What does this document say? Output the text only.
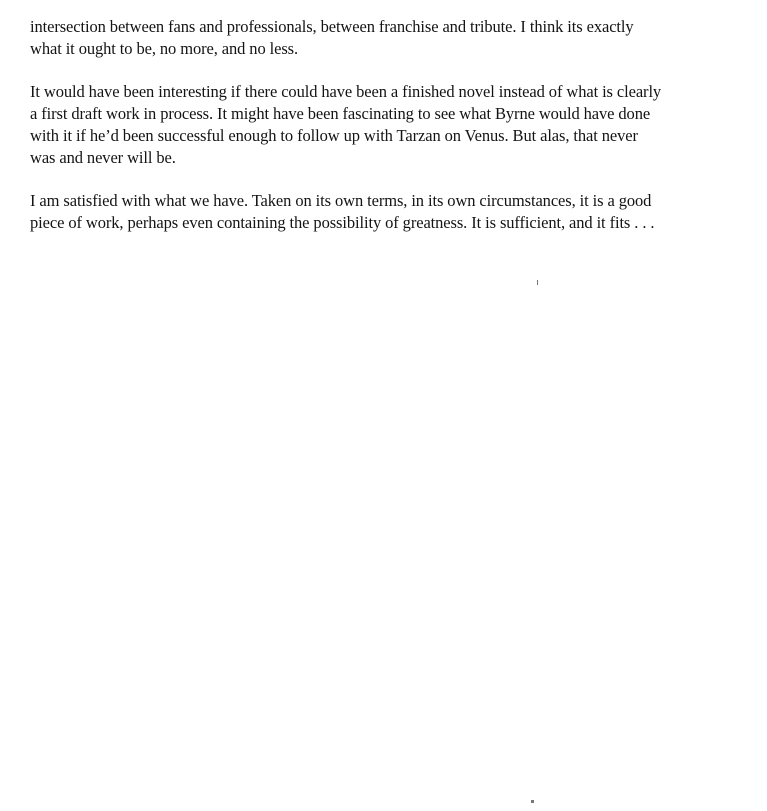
intersection between fans and professionals, between franchise and tribute. I think its exactly
what it ought to be, no more, and no less.

It would have been interesting if there could have been a finished novel instead of what is clearly
a first draft work in process. It might have been fascinating to see what Byrne would have done
with it if he’d been successful enough to follow up with Tarzan on Venus. But alas, that never
was and never will be.

I am satisfied with what we have. Taken on its own terms, in its own circumstances, it is a good
piece of work, perhaps even containing the possibility of greatness. It is sufficient, and it fits . . .
